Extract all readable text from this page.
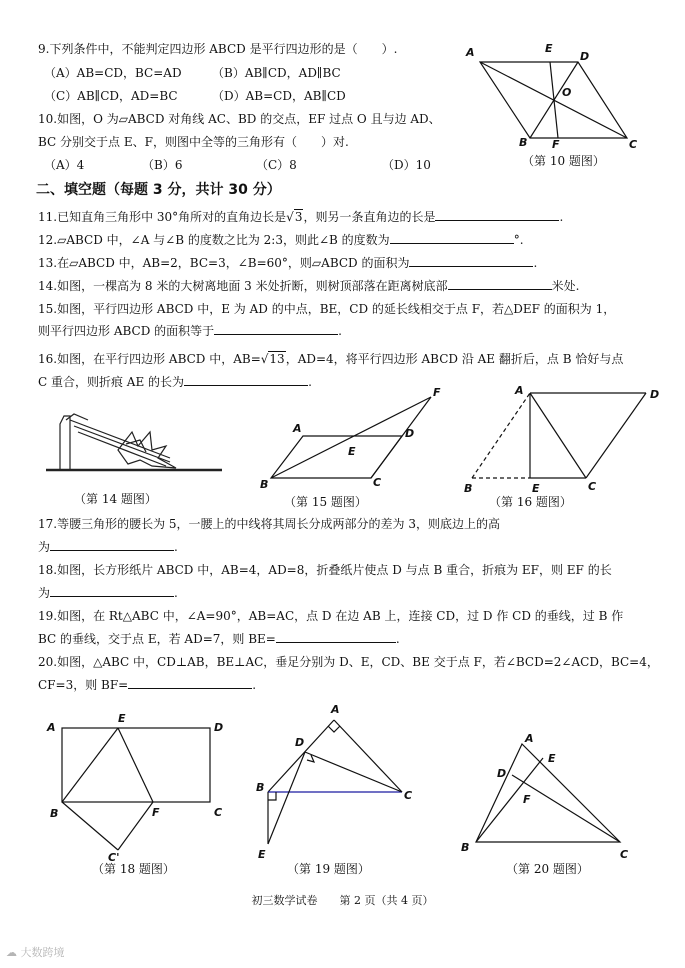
9.下列条件中，不能判定四边形 ABCD 是平行四边形的是（　　）.
（A）AB=CD，BC=AD	（B）AB∥CD，AD∥BC
（C）AB∥CD，AD=BC	（D）AB=CD，AB∥CD
10.如图，O 为▱ABCD 对角线 AC、BD 的交点，EF 过点 O 且与边 AD、
BC 分别交于点 E、F，则图中全等的三角形有（　　）对.
（A）4	（B）6	（C）8	（D）10
A	E
D
O
B F	C
（第 10 题图）
二、填空题（每题 3 分，共计 30 分）
11.已知直角三角形中 30°角所对的直角边长是√3，则另一条直角边的长是	.
12.▱ABCD 中，∠A 与∠B 的度数之比为 2:3，则此∠B 的度数为	°.
13.在▱ABCD 中，AB=2，BC=3，∠B=60°，则▱ABCD 的面积为	.
14.如图，一棵高为 8 米的大树离地面 3 米处折断，则树顶部落在距离树底部	米处.
15.如图，平行四边形 ABCD 中，E 为 AD 的中点，BE，CD 的延长线相交于点 F，若△DEF 的面积为 1，
则平行四边形 ABCD 的面积等于	.
16.如图，在平行四边形 ABCD 中，AB=√13，AD=4，将平行四边形 ABCD 沿 AE 翻折后，点 B 恰好与点
C 重合，则折痕 AE 的长为	.
（第 14 题图）
A	D
E
F
B	C
（第 15 题图）
A	D
B	E	C
（第 16 题图）
17.等腰三角形的腰长为 5，一腰上的中线将其周长分成两部分的差为 3，则底边上的高
为	.
18.如图，长方形纸片 ABCD 中，AB=4，AD=8，折叠纸片使点 D 与点 B 重合，折痕为 EF，则 EF 的长
为	.
19.如图，在 Rt△ABC 中，∠A=90°，AB=AC，点 D 在边 AB 上，连接 CD，过 D 作 CD 的垂线，过 B 作
BC 的垂线，交于点 E，若 AD=7，则 BE=	.
20.如图，△ABC 中，CD⊥AB，BE⊥AC，垂足分别为 D、E，CD、BE 交于点 F，若∠BCD=2∠ACD，BC=4，
CF=3，则 BF=	.
A
E
D
B	F	C
C'
（第 18 题图）
A
D
B
C
E
（第 19 题图）
A
D
E
F
B
C
（第 20 题图）
初三数学试卷　　第 2 页（共 4 页）
☁ 大数跨境
